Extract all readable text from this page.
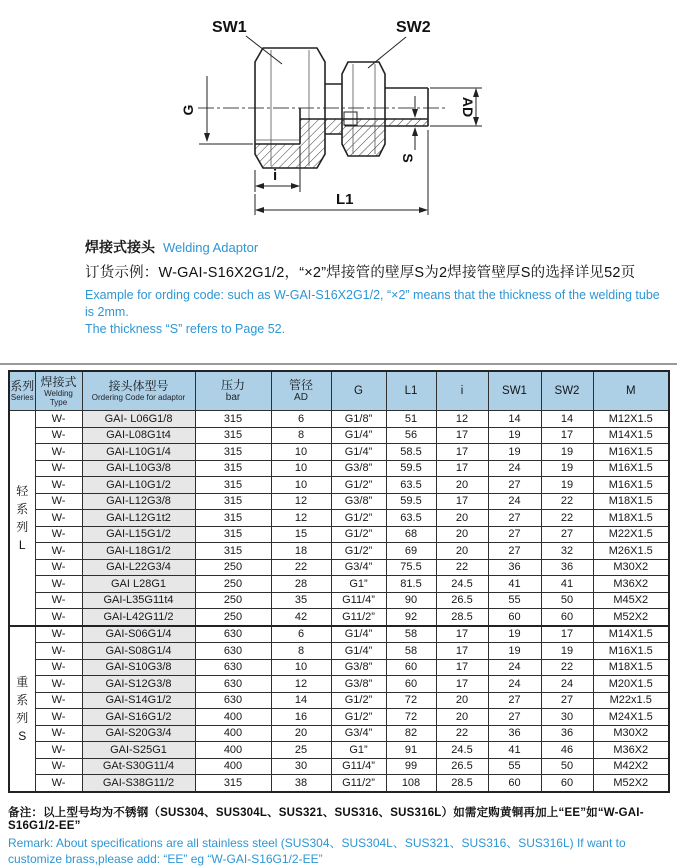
SW1	SW2
G
i
L1
AD
S
焊接式接头 Welding Adaptor
订货示例：W-GAI-S16X2G1/2，“×2”焊接管的壁厚S为2焊接管壁厚S的选择详见52页
Example for ording code: such as W-GAI-S16X2G1/2, “×2” means that the thickness of the welding tube is 2mm.
The thickness “S” refers to Page 52.
系列
Series

焊接式
Welding Type

接头体型号
Ordering Code for adaptor

压力
bar

管径
AD

G	L1	i	SW1	SW2	M

轻
系
列
L	W-	GAI- L06G1/8	315	6	G1/8”	51	12	14	14	M12X1.5
	W-	GAI-L08G1t4	315	8	G1/4”	56	17	19	17	M14X1.5
	W-	GAI-L10G1/4	315	10	G1/4”	58.5	17	19	19	M16X1.5
	W-	GAI-L10G3/8	315	10	G3/8”	59.5	17	24	19	M16X1.5
	W-	GAI-L10G1/2	315	10	G1/2”	63.5	20	27	19	M16X1.5
	W-	GAI-L12G3/8	315	12	G3/8”	59.5	17	24	22	M18X1.5
	W-	GAI-L12G1t2	315	12	G1/2”	63.5	20	27	22	M18X1.5
	W-	GAI-L15G1/2	315	15	G1/2”	68	20	27	27	M22X1.5
	W-	GAI-L18G1/2	315	18	G1/2”	69	20	27	32	M26X1.5
	W-	GAI-L22G3/4	250	22	G3/4”	75.5	22	36	36	M30X2
	W-	GAI L28G1	250	28	G1”	81.5	24.5	41	41	M36X2
	W-	GAI-L35G11t4	250	35	G11/4”	90	26.5	55	50	M45X2
	W-	GAI-L42G11/2	250	42	G11/2”	92	28.5	60	60	M52X2

重
系
列
S	W-	GAI-S06G1/4	630	6	G1/4”	58	17	19	17	M14X1.5
	W-	GAI-S08G1/4	630	8	G1/4”	58	17	19	19	M16X1.5
	W-	GAI-S10G3/8	630	10	G3/8”	60	17	24	22	M18X1.5
	W-	GAI-S12G3/8	630	12	G3/8”	60	17	24	24	M20X1.5
	W-	GAI-S14G1/2	630	14	G1/2”	72	20	27	27	M22x1.5
	W-	GAI-S16G1/2	400	16	G1/2”	72	20	27	30	M24X1.5
	W-	GAI-S20G3/4	400	20	G3/4”	82	22	36	36	M30X2
	W-	GAI-S25G1	400	25	G1”	91	24.5	41	46	M36X2
	W-	GAt-S30G11/4	400	30	G11/4”	99	26.5	55	50	M42X2
	W-	GAI-S38G11/2	315	38	G11/2”	108	28.5	60	60	M52X2
备注：以上型号均为不锈钢（SUS304、SUS304L、SUS321、SUS316、SUS316L）如需定购黄铜再加上“EE”如“W-GAI-S16G1/2-EE”
Remark: About specifications are all stainless steel (SUS304、SUS304L、SUS321、SUS316、SUS316L) If want to
customize brass,please add: “EE” eg “W-GAI-S16G1/2-EE”
